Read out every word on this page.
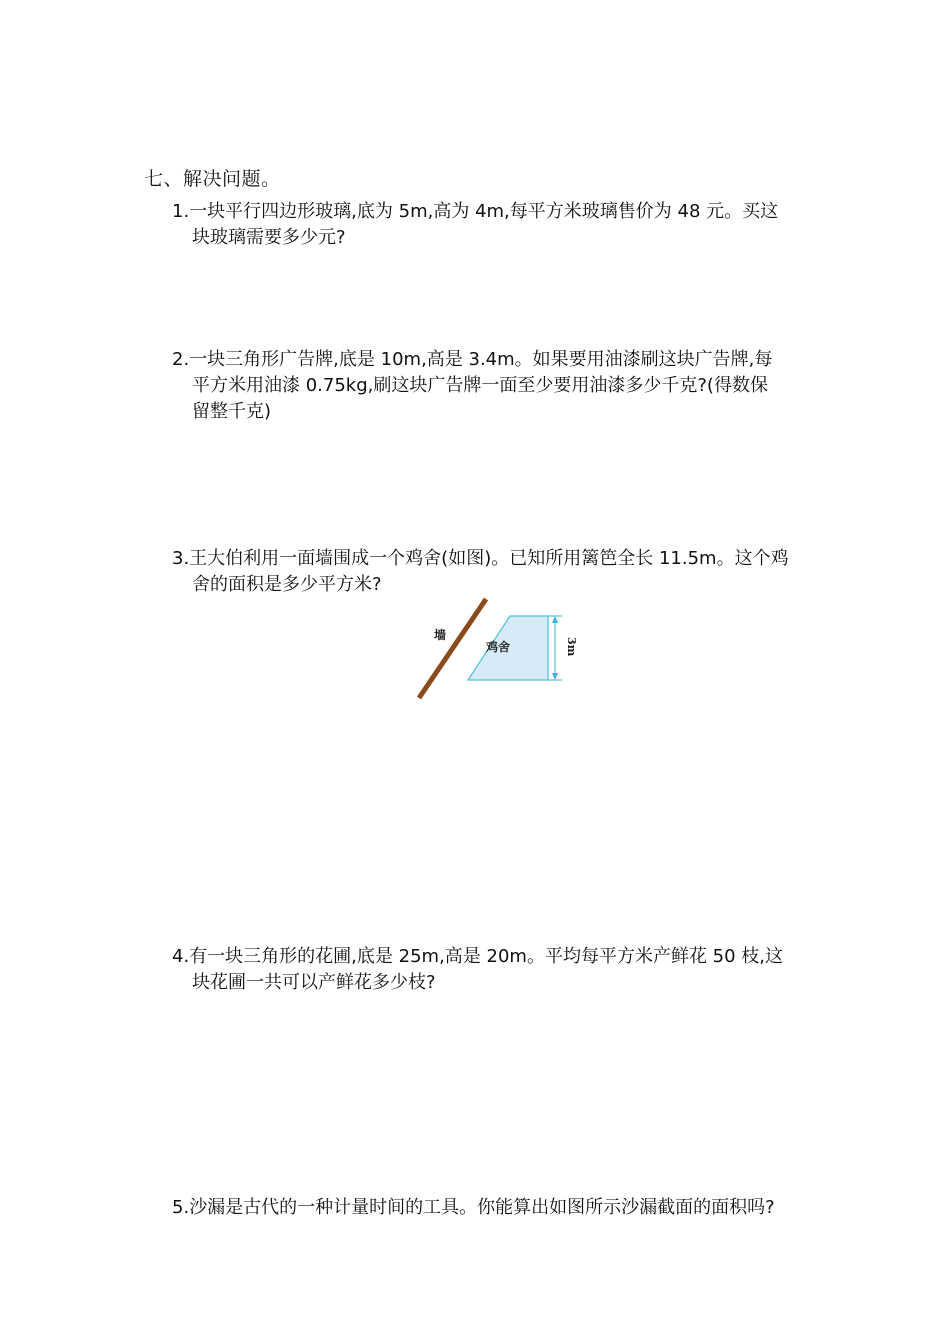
七、解决问题。
1.一块平行四边形玻璃,底为 5m,高为 4m,每平方米玻璃售价为 48 元。买这
块玻璃需要多少元?
2.一块三角形广告牌,底是 10m,高是 3.4m。如果要用油漆刷这块广告牌,每
平方米用油漆 0.75kg,刷这块广告牌一面至少要用油漆多少千克?(得数保
留整千克)
3.王大伯利用一面墙围成一个鸡舍(如图)。已知所用篱笆全长 11.5m。这个鸡
舍的面积是多少平方米?
墙
鸡舍	3m
4.有一块三角形的花圃,底是 25m,高是 20m。平均每平方米产鲜花 50 枝,这
块花圃一共可以产鲜花多少枝?
5.沙漏是古代的一种计量时间的工具。你能算出如图所示沙漏截面的面积吗?
